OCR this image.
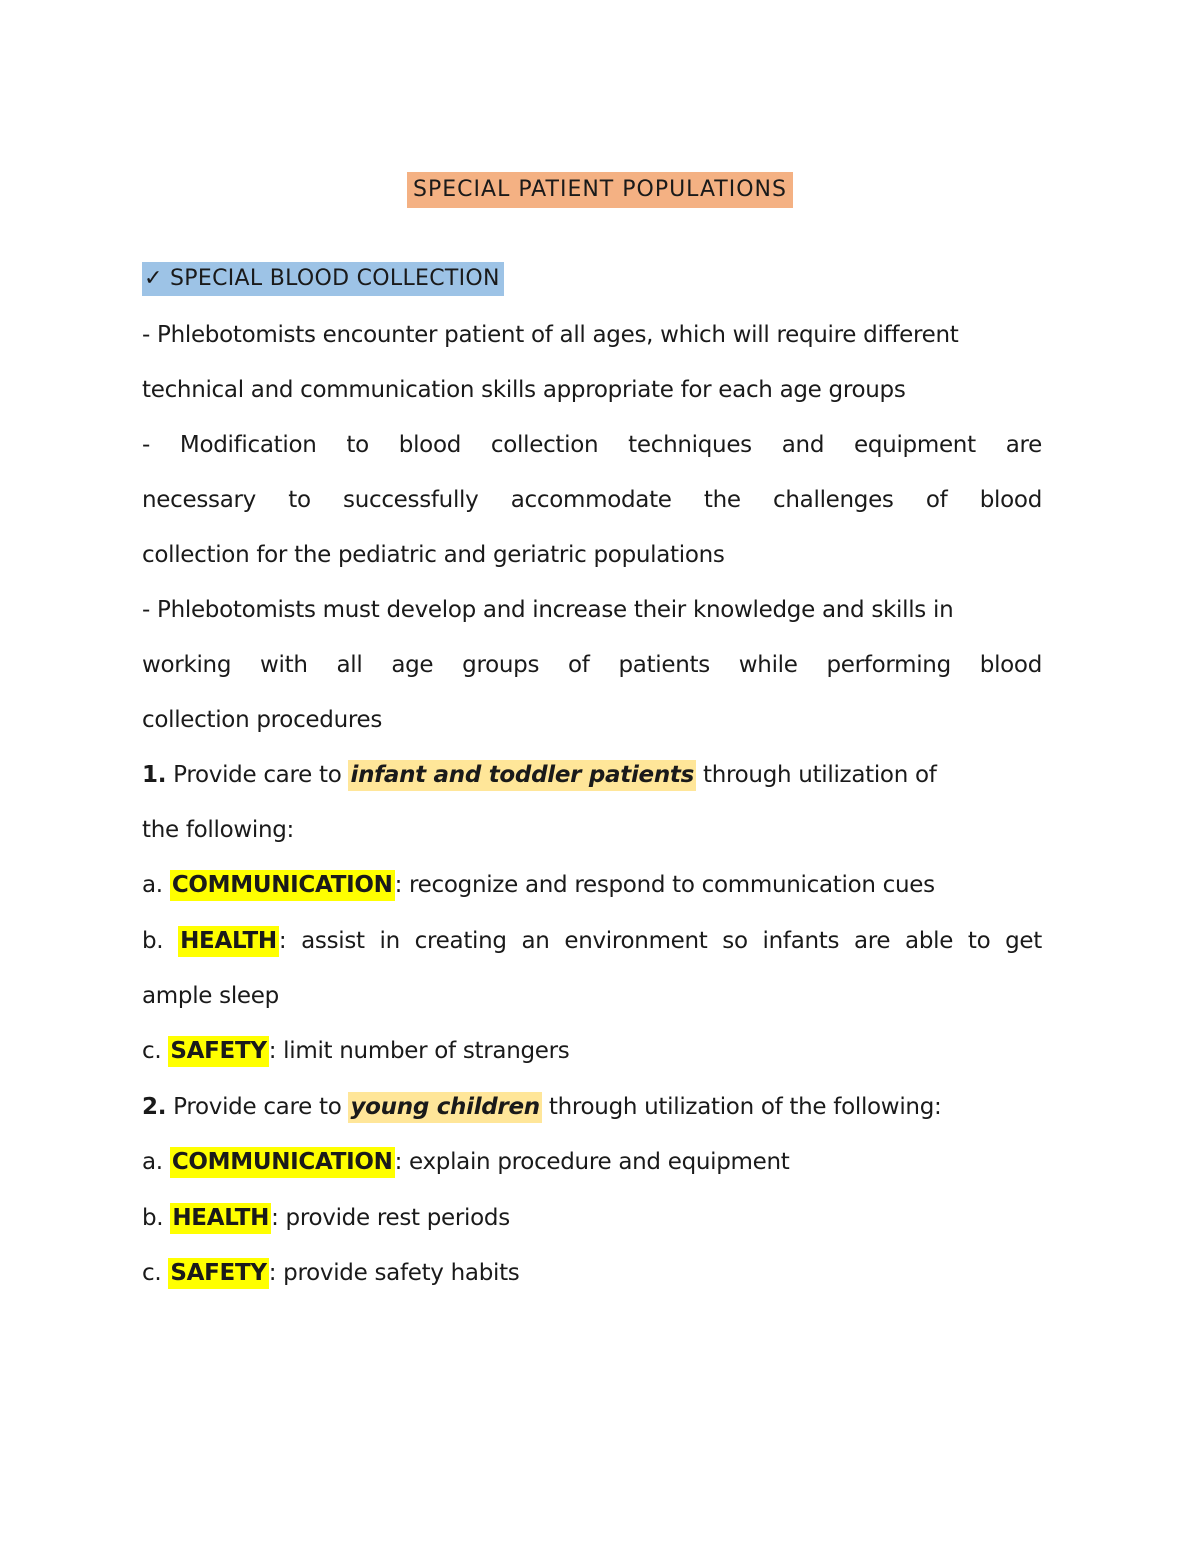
SPECIAL PATIENT POPULATIONS
✓ SPECIAL BLOOD COLLECTION
- Phlebotomists encounter patient of all ages, which will require different
technical and communication skills appropriate for each age groups
- Modification to blood collection techniques and equipment are
necessary to successfully accommodate the challenges of blood
collection for the pediatric and geriatric populations
- Phlebotomists must develop and increase their knowledge and skills in
working with all age groups of patients while performing blood
collection procedures
1. Provide care to infant and toddler patients through utilization of
the following:
a. COMMUNICATION: recognize and respond to communication cues
b. HEALTH: assist in creating an environment so infants are able to get
ample sleep
c. SAFETY: limit number of strangers
2. Provide care to young children through utilization of the following:
a. COMMUNICATION: explain procedure and equipment
b. HEALTH: provide rest periods
c. SAFETY: provide safety habits
